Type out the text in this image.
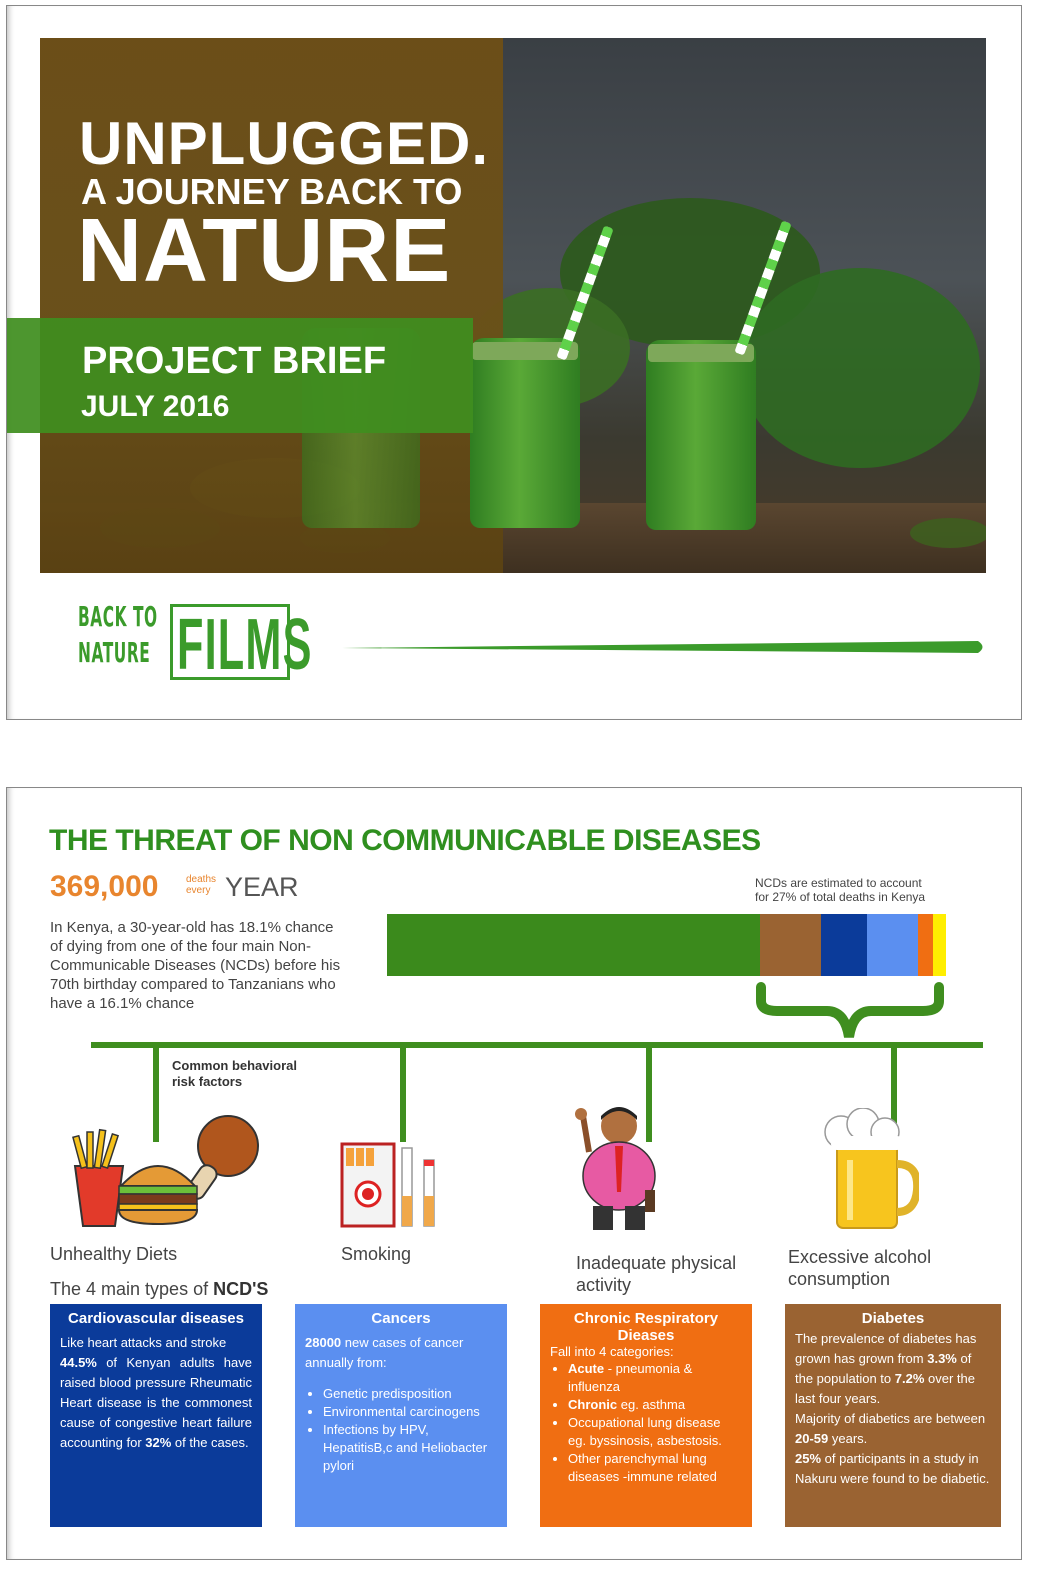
UNPLUGGED.
A JOURNEY BACK TO
NATURE
PROJECT BRIEF
JULY 2016
BACK TO
NATURE FILMS
THE THREAT OF NON COMMUNICABLE DISEASES
369,000	deaths
every YEAR
In Kenya, a 30-year-old has 18.1% chance of dying from one of the four main Non-Communicable Diseases (NCDs) before his 70th birthday compared to Tanzanians who have a 16.1% chance
NCDs are estimated to account
for 27% of total deaths in Kenya
Common behavioral
risk factors
Unhealthy Diets	Smoking	Inadequate physical activity
Excessive alcohol consumption
The 4 main types of NCD'S
Cardiovascular diseases
Like heart attacks and stroke
44.5% of Kenyan adults have raised blood pressure Rheumatic Heart disease is the commonest cause of congestive heart failure accounting for 32% of the cases.
Cancers
28000 new cases of cancer annually from:
• Genetic predisposition
• Environmental carcinogens
• Infections by HPV, HepatitisB,c and Heliobacter pylori
Chronic Respiratory Dieases
Fall into 4 categories:
• Acute - pneumonia & influenza
• Chronic eg. asthma
• Occupational lung disease eg. byssinosis, asbestosis.
• Other parenchymal lung diseases -immune related
Diabetes
The prevalence of diabetes has grown has grown from 3.3% of the population to 7.2% over the last four years.
Majority of diabetics are between 20-59 years.
25% of participants in a study in Nakuru were found to be diabetic.
